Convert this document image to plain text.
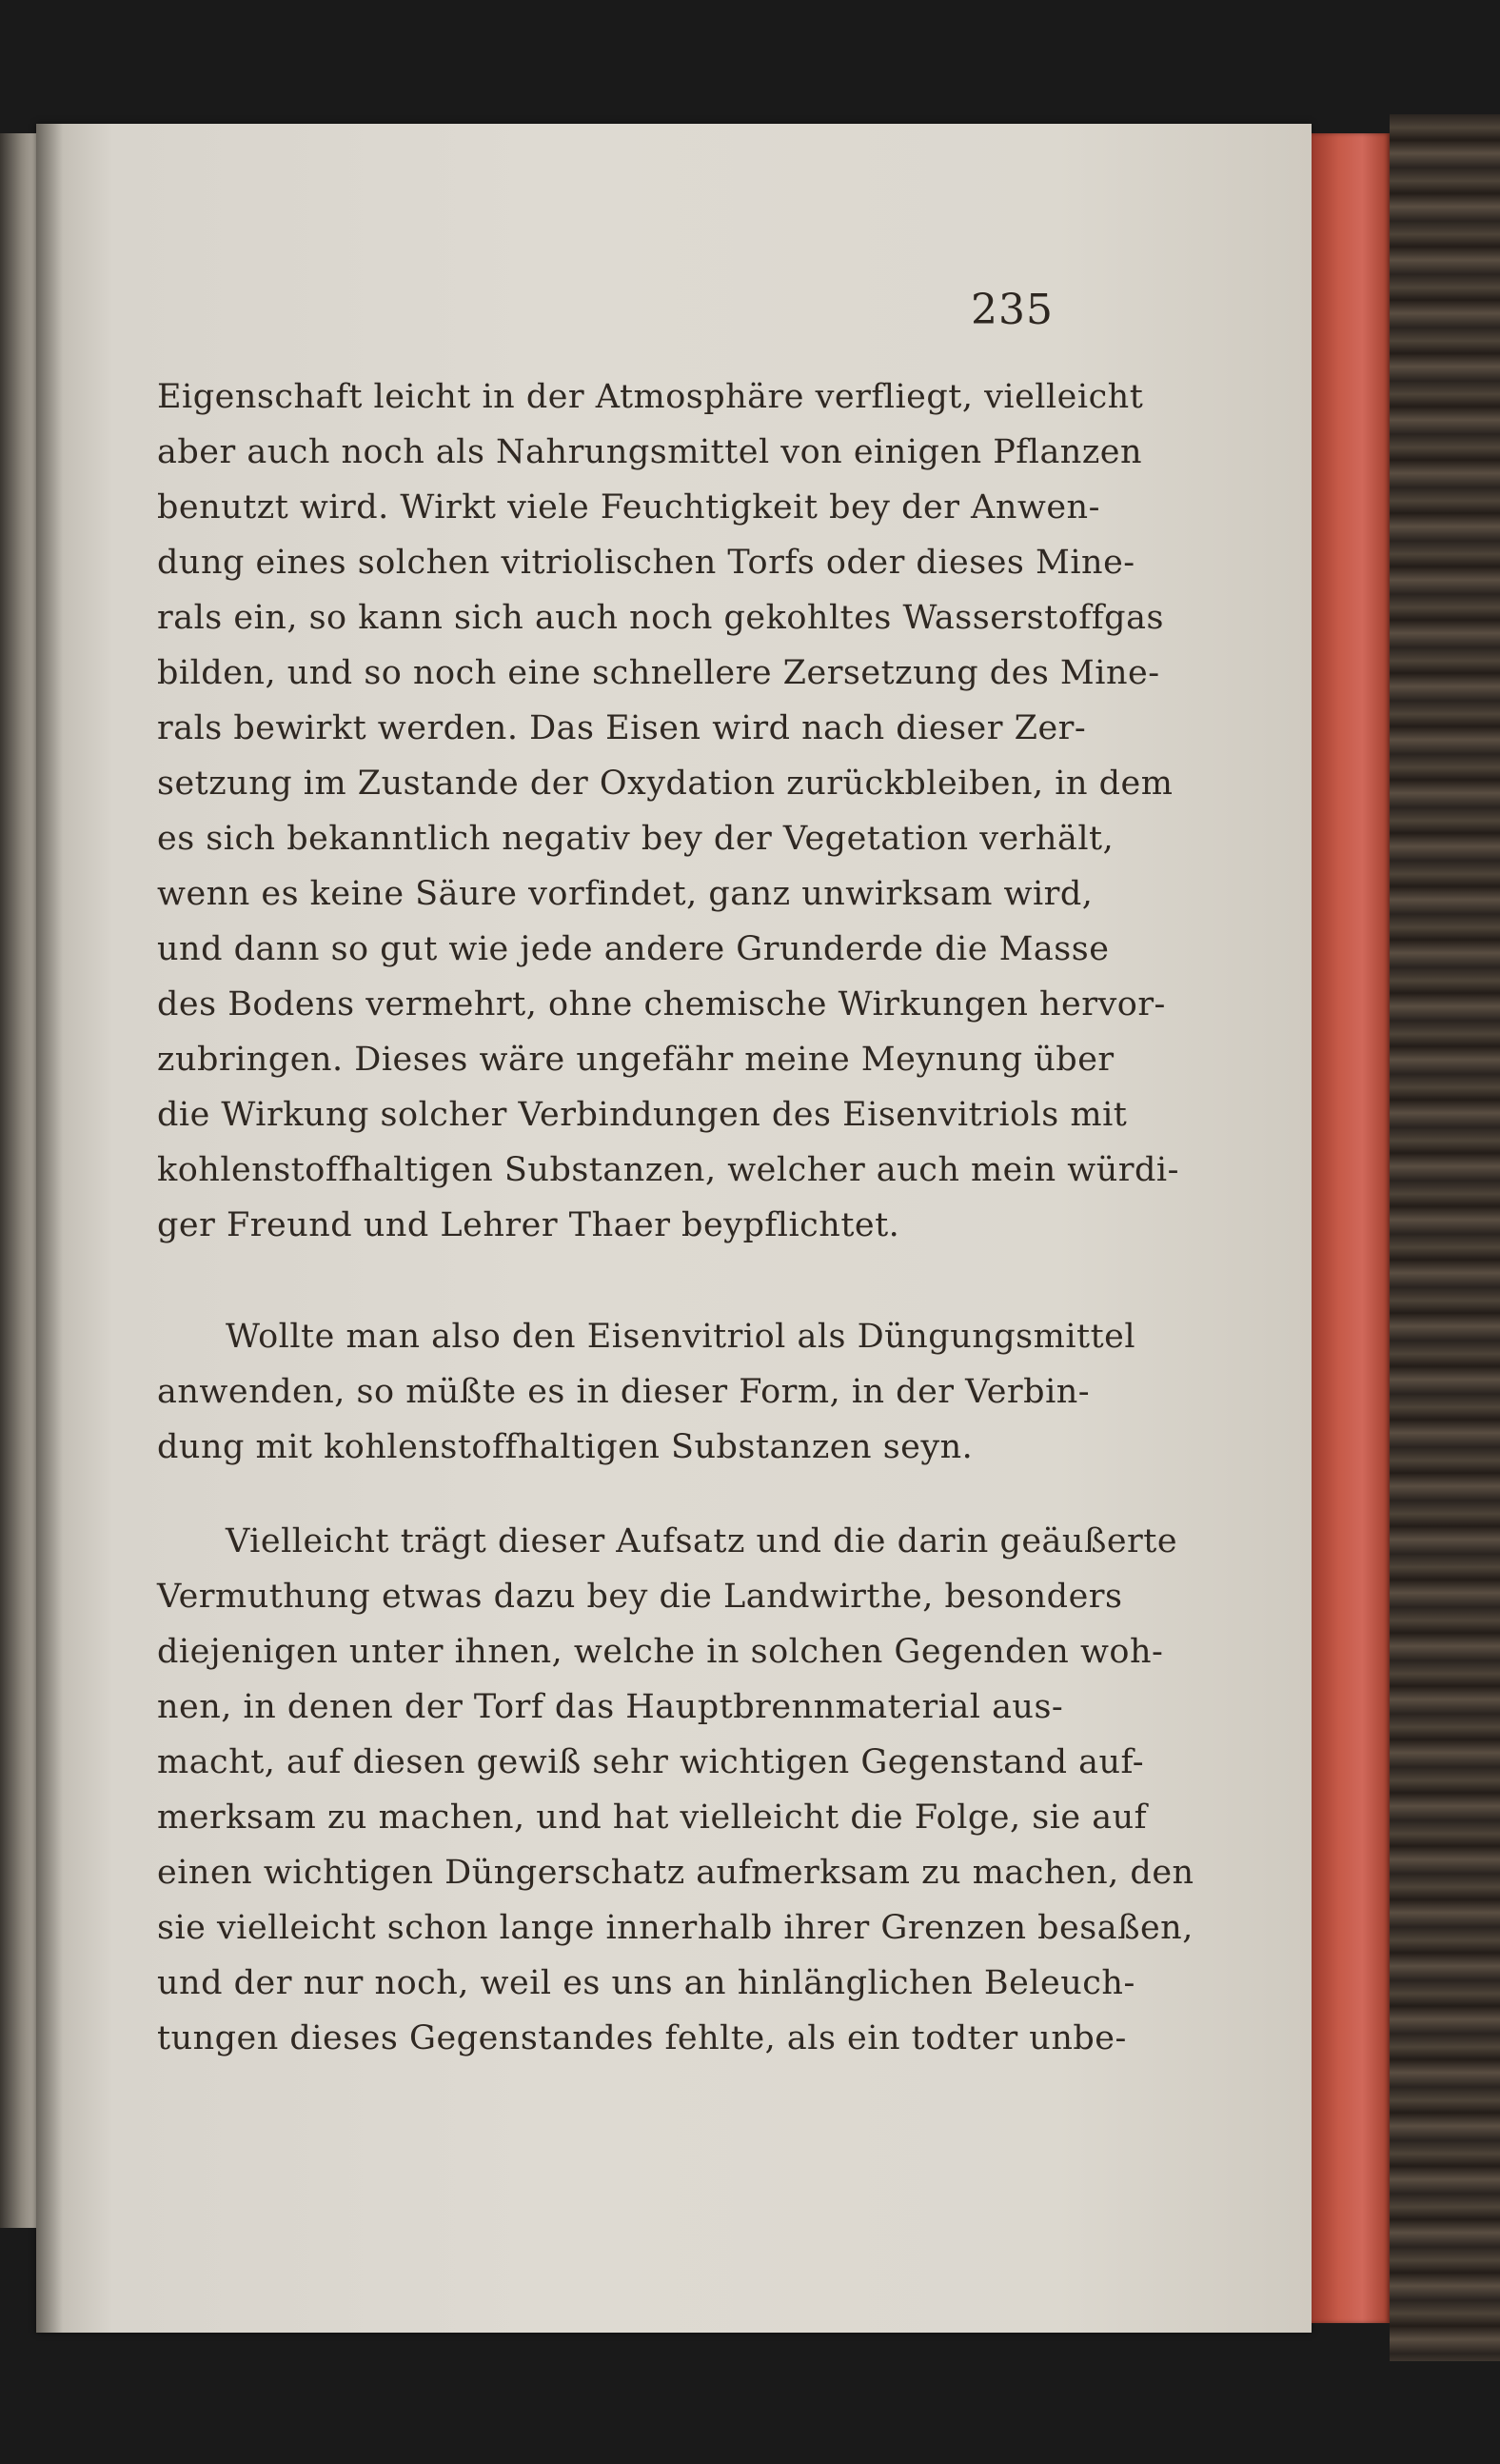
235
Eigenschaft leicht in der Atmosphäre verfliegt, vielleicht
aber auch noch als Nahrungsmittel von einigen Pflanzen
benutzt wird. Wirkt viele Feuchtigkeit bey der Anwen-
dung eines solchen vitriolischen Torfs oder dieses Mine-
rals ein, so kann sich auch noch gekohltes Wasserstoffgas
bilden, und so noch eine schnellere Zersetzung des Mine-
rals bewirkt werden. Das Eisen wird nach dieser Zer-
setzung im Zustande der Oxydation zurückbleiben, in dem
es sich bekanntlich negativ bey der Vegetation verhält,
wenn es keine Säure vorfindet, ganz unwirksam wird,
und dann so gut wie jede andere Grunderde die Masse
des Bodens vermehrt, ohne chemische Wirkungen hervor-
zubringen. Dieses wäre ungefähr meine Meynung über
die Wirkung solcher Verbindungen des Eisenvitriols mit
kohlenstoffhaltigen Substanzen, welcher auch mein würdi-
ger Freund und Lehrer Thaer beypflichtet.
Wollte man also den Eisenvitriol als Düngungsmittel
anwenden, so müßte es in dieser Form, in der Verbin-
dung mit kohlenstoffhaltigen Substanzen seyn.
Vielleicht trägt dieser Aufsatz und die darin geäußerte
Vermuthung etwas dazu bey die Landwirthe, besonders
diejenigen unter ihnen, welche in solchen Gegenden woh-
nen, in denen der Torf das Hauptbrennmaterial aus-
macht, auf diesen gewiß sehr wichtigen Gegenstand auf-
merksam zu machen, und hat vielleicht die Folge, sie auf
einen wichtigen Düngerschatz aufmerksam zu machen, den
sie vielleicht schon lange innerhalb ihrer Grenzen besaßen,
und der nur noch, weil es uns an hinlänglichen Beleuch-
tungen dieses Gegenstandes fehlte, als ein todter unbe-
